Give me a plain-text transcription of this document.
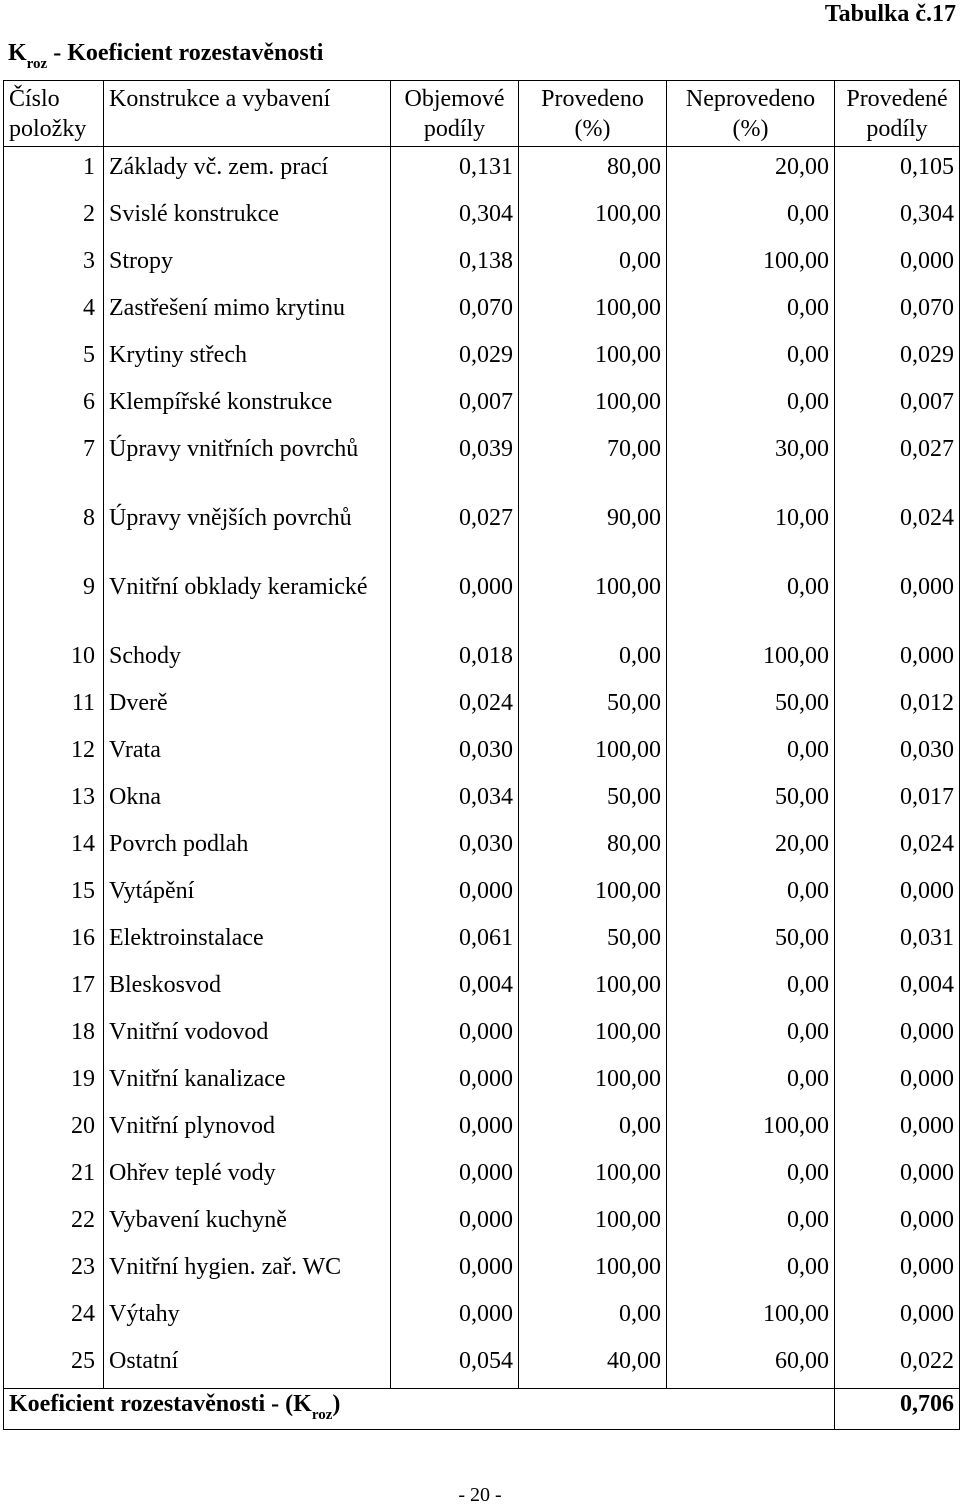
Tabulka č.17
$K_{roz}$ - Koeficient rozestavěnosti
Číslo položky	Konstrukce a vybavení	Objemové podíly	Provedeno (%)	Neprovedeno (%)	Provedené podíly
1	Základy vč. zem. prací	0,131	80,00	20,00	0,105
2	Svislé konstrukce	0,304	100,00	0,00	0,304
3	Stropy	0,138	0,00	100,00	0,000
4	Zastřešení mimo krytinu	0,070	100,00	0,00	0,070
5	Krytiny střech	0,029	100,00	0,00	0,029
6	Klempířské konstrukce	0,007	100,00	0,00	0,007
7	Úpravy vnitřních povrchů	0,039	70,00	30,00	0,027
8	Úpravy vnějších povrchů	0,027	90,00	10,00	0,024
9	Vnitřní obklady keramické	0,000	100,00	0,00	0,000
10	Schody	0,018	0,00	100,00	0,000
11	Dverě	0,024	50,00	50,00	0,012
12	Vrata	0,030	100,00	0,00	0,030
13	Okna	0,034	50,00	50,00	0,017
14	Povrch podlah	0,030	80,00	20,00	0,024
15	Vytápění	0,000	100,00	0,00	0,000
16	Elektroinstalace	0,061	50,00	50,00	0,031
17	Bleskosvod	0,004	100,00	0,00	0,004
18	Vnitřní vodovod	0,000	100,00	0,00	0,000
19	Vnitřní kanalizace	0,000	100,00	0,00	0,000
20	Vnitřní plynovod	0,000	0,00	100,00	0,000
21	Ohřev teplé vody	0,000	100,00	0,00	0,000
22	Vybavení kuchyně	0,000	100,00	0,00	0,000
23	Vnitřní hygien. zař. WC	0,000	100,00	0,00	0,000
24	Výtahy	0,000	0,00	100,00	0,000
25	Ostatní	0,054	40,00	60,00	0,022
Koeficient rozestavěnosti - $(K_{roz})$					0,706
- 20 -
